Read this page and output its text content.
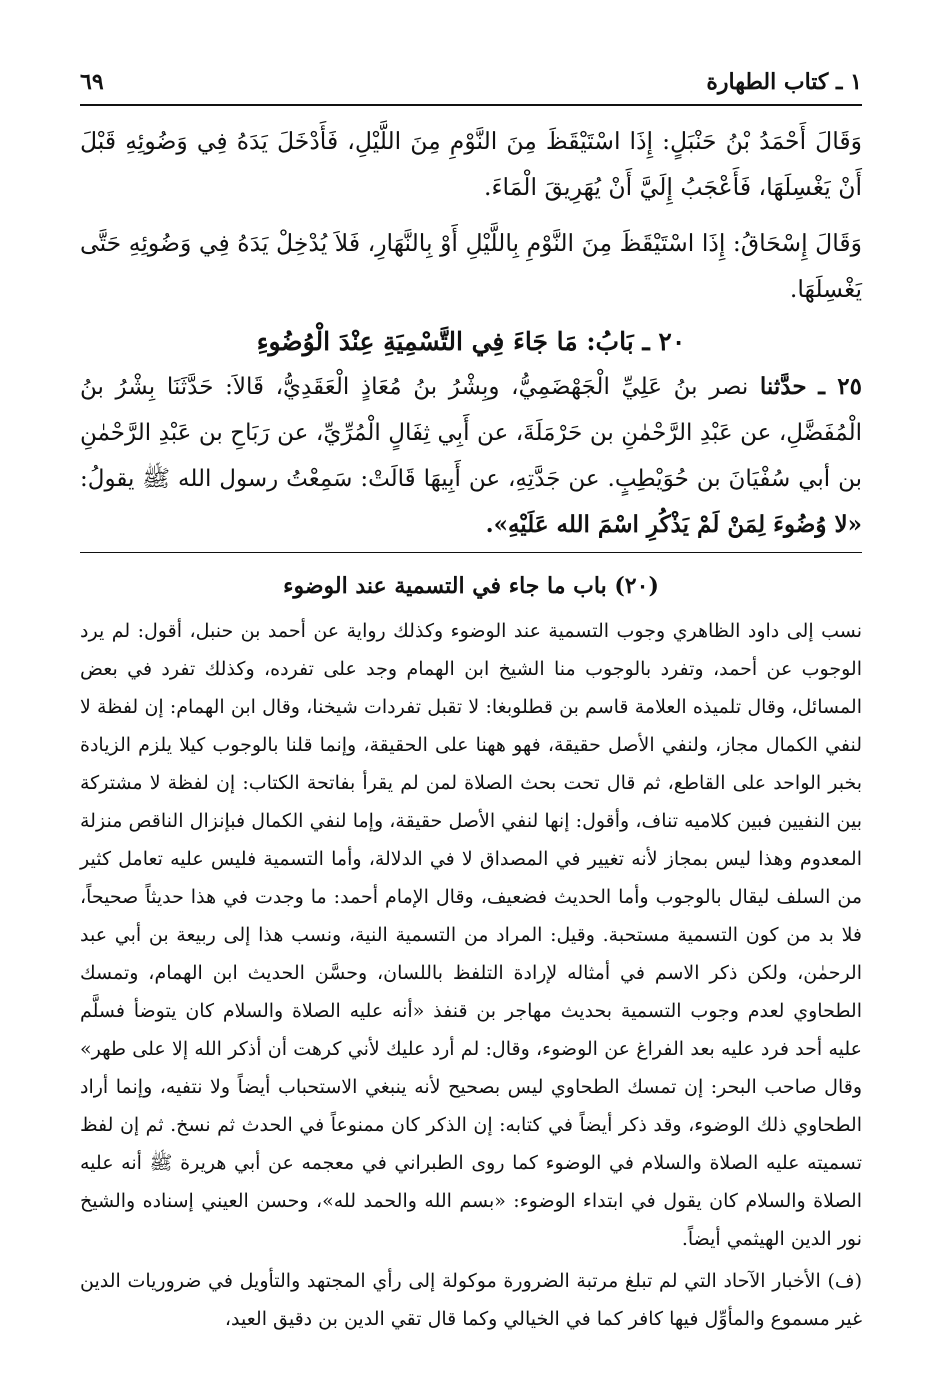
١ ـ كتاب الطهارة
٦٩

وَقَالَ أَحْمَدُ بْنُ حَنْبَلٍ: إِذَا اسْتَيْقَظَ مِنَ النَّوْمِ مِنَ اللَّيْلِ، فَأَدْخَلَ يَدَهُ فِي وَضُوئِهِ قَبْلَ أَنْ يَغْسِلَهَا، فَأَعْجَبُ إِلَيَّ أَنْ يُهَرِيقَ الْمَاءَ.

وَقَالَ إِسْحَاقُ: إِذَا اسْتَيْقَظَ مِنَ النَّوْمِ بِاللَّيْلِ أَوْ بِالنَّهَارِ، فَلاَ يُدْخِلْ يَدَهُ فِي وَضُوئِهِ حَتَّى يَغْسِلَهَا.

٢٠ ـ بَابُ: مَا جَاءَ فِي التَّسْمِيَةِ عِنْدَ الْوُضُوءِ

٢٥ ـ حدَّثنا نصر بنُ عَلِيِّ الْجَهْضَمِيُّ، وبِشْرُ بنُ مُعَاذٍ الْعَقَدِيُّ، قَالاَ: حَدَّثَنَا بِشْرُ بنُ الْمُفَضَّلِ، عن عَبْدِ الرَّحْمٰنِ بن حَرْمَلَةَ، عن أَبِي ثِفَالٍ الْمُرِّيِّ، عن رَبَاحِ بن عَبْدِ الرَّحْمٰنِ بن أبي سُفْيَانَ بن حُوَيْطِبٍ. عن جَدَّتِهِ، عن أَبِيهَا قَالَتْ: سَمِعْتُ رسول الله ﷺ يقولُ: «لا وُضُوءَ لِمَنْ لَمْ يَذْكُرِ اسْمَ الله عَلَيْهِ».

(٢٠) باب ما جاء في التسمية عند الوضوء

نسب إلى داود الظاهري وجوب التسمية عند الوضوء وكذلك رواية عن أحمد بن حنبل، أقول: لم يرد الوجوب عن أحمد، وتفرد بالوجوب منا الشيخ ابن الهمام وجد على تفرده، وكذلك تفرد في بعض المسائل، وقال تلميذه العلامة قاسم بن قطلوبغا: لا تقبل تفردات شيخنا، وقال ابن الهمام: إن لفظة لا لنفي الكمال مجاز، ولنفي الأصل حقيقة، فهو ههنا على الحقيقة، وإنما قلنا بالوجوب كيلا يلزم الزيادة بخبر الواحد على القاطع، ثم قال تحت بحث الصلاة لمن لم يقرأ بفاتحة الكتاب: إن لفظة لا مشتركة بين النفيين فبين كلاميه تناف، وأقول: إنها لنفي الأصل حقيقة، وإما لنفي الكمال فبإنزال الناقص منزلة المعدوم وهذا ليس بمجاز لأنه تغيير في المصداق لا في الدلالة، وأما التسمية فليس عليه تعامل كثير من السلف ليقال بالوجوب وأما الحديث فضعيف، وقال الإمام أحمد: ما وجدت في هذا حديثاً صحيحاً، فلا بد من كون التسمية مستحبة. وقيل: المراد من التسمية النية، ونسب هذا إلى ربيعة بن أبي عبد الرحمٰن، ولكن ذكر الاسم في أمثاله لإرادة التلفظ باللسان، وحسَّن الحديث ابن الهمام، وتمسك الطحاوي لعدم وجوب التسمية بحديث مهاجر بن قنفذ «أنه عليه الصلاة والسلام كان يتوضأ فسلَّم عليه أحد فرد عليه بعد الفراغ عن الوضوء، وقال: لم أرد عليك لأني كرهت أن أذكر الله إلا على طهر» وقال صاحب البحر: إن تمسك الطحاوي ليس بصحيح لأنه ينبغي الاستحباب أيضاً ولا نتفيه، وإنما أراد الطحاوي ذلك الوضوء، وقد ذكر أيضاً في كتابه: إن الذكر كان ممنوعاً في الحدث ثم نسخ. ثم إن لفظ تسميته عليه الصلاة والسلام في الوضوء كما روى الطبراني في معجمه عن أبي هريرة ﷺ أنه عليه الصلاة والسلام كان يقول في ابتداء الوضوء: «بسم الله والحمد لله»، وحسن العيني إسناده والشيخ نور الدين الهيثمي أيضاً.

(ف) الأخبار الآحاد التي لم تبلغ مرتبة الضرورة موكولة إلى رأي المجتهد والتأويل في ضروريات الدين غير مسموع والمأوِّل فيها كافر كما في الخيالي وكما قال تقي الدين بن دقيق العيد،
